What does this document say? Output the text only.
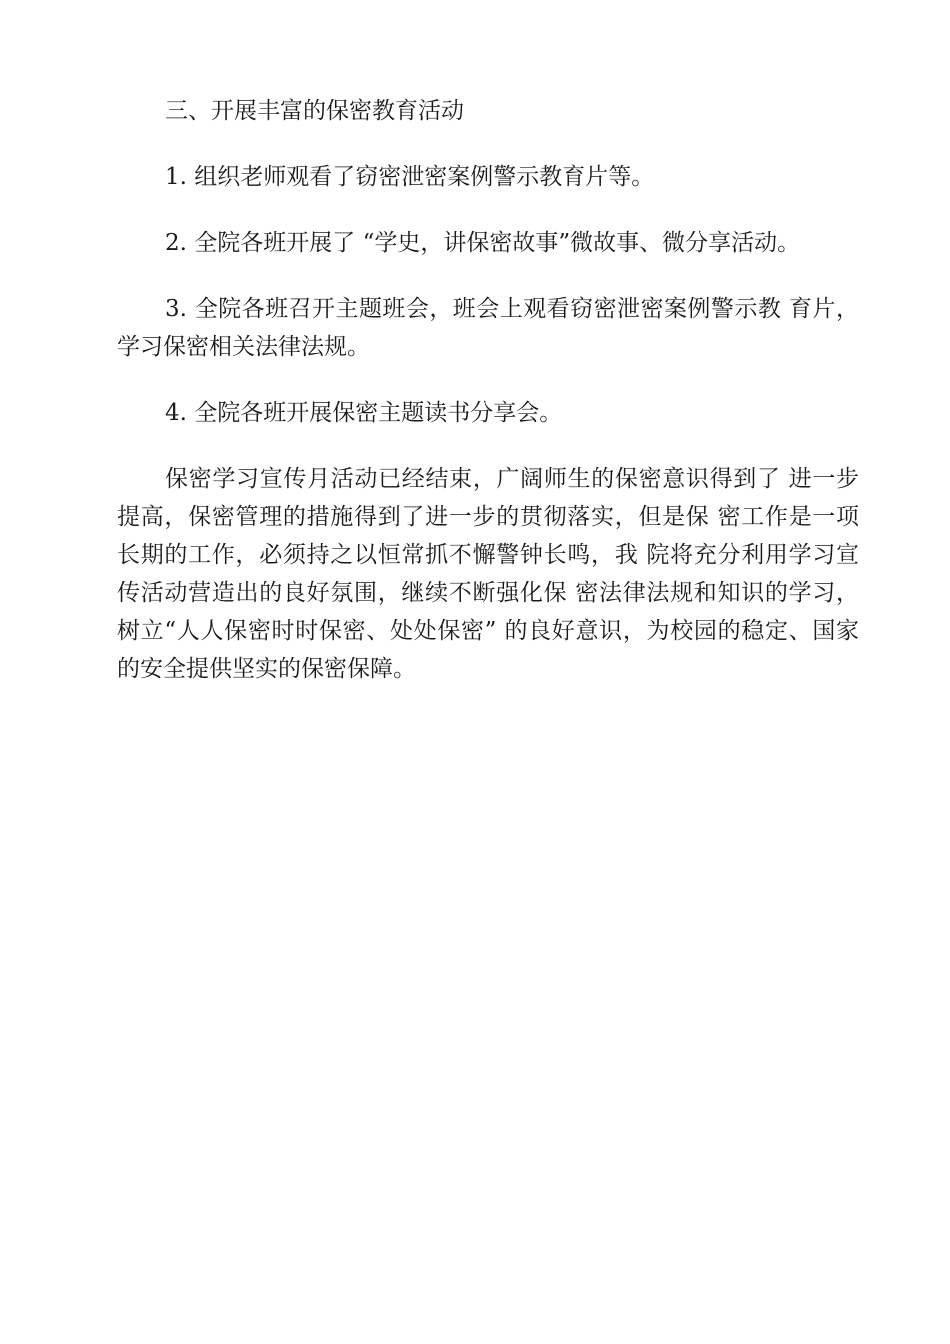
三、开展丰富的保密教育活动

1. 组织老师观看了窃密泄密案例警示教育片等。

2. 全院各班开展了 “学史，讲保密故事”微故事、微分享活动。

3. 全院各班召开主题班会，班会上观看窃密泄密案例警示教 育片，学习保密相关法律法规。

4. 全院各班开展保密主题读书分享会。

保密学习宣传月活动已经结束，广阔师生的保密意识得到了 进一步提高，保密管理的措施得到了进一步的贯彻落实，但是保 密工作是一项长期的工作，必须持之以恒常抓不懈警钟长鸣，我 院将充分利用学习宣传活动营造出的良好氛围，继续不断强化保 密法律法规和知识的学习，树立“人人保密时时保密、处处保密” 的良好意识，为校园的稳定、国家的安全提供坚实的保密保障。
